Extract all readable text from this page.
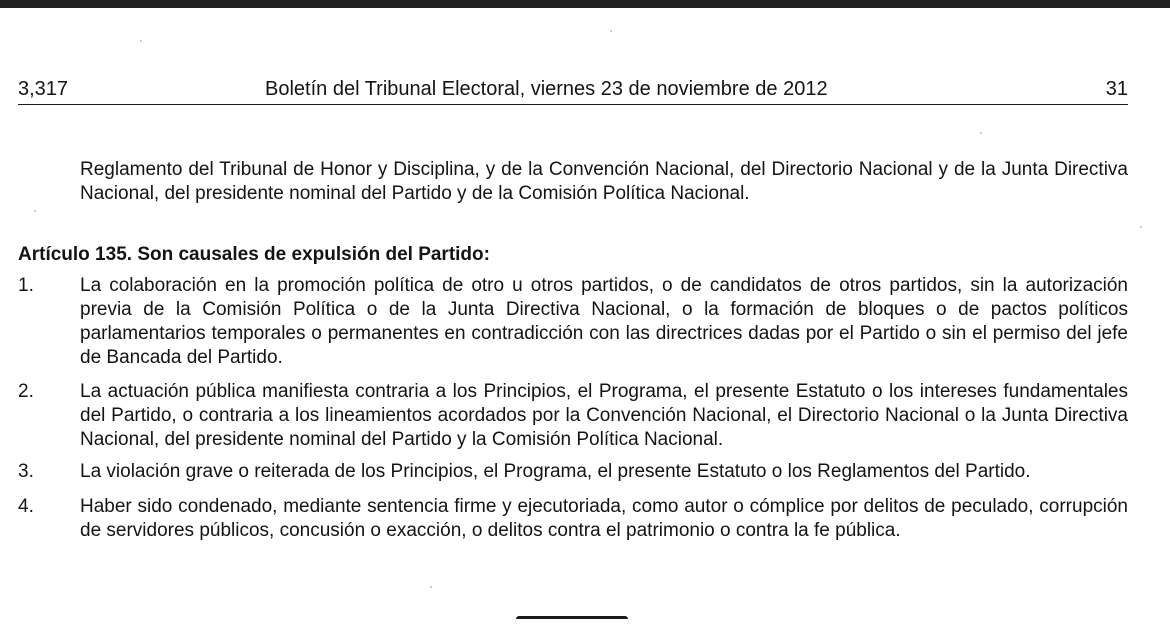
3,317	Boletín del Tribunal Electoral, viernes 23 de noviembre de 2012	31
Reglamento del Tribunal de Honor y Disciplina, y de la Convención Nacional, del Directorio Nacional y de la Junta Directiva Nacional, del presidente nominal del Partido y de la Comisión Política Nacional.
Artículo 135. Son causales de expulsión del Partido:
1. La colaboración en la promoción política de otro u otros partidos, o de candidatos de otros partidos, sin la autorización previa de la Comisión Política o de la Junta Directiva Nacional, o la formación de bloques o de pactos políticos parlamentarios temporales o permanentes en contradicción con las directrices dadas por el Partido o sin el permiso del jefe de Bancada del Partido.
2. La actuación pública manifiesta contraria a los Principios, el Programa, el presente Estatuto o los intereses fundamentales del Partido, o contraria a los lineamientos acordados por la Convención Nacional, el Directorio Nacional o la Junta Directiva Nacional, del presidente nominal del Partido y la Comisión Política Nacional.
3. La violación grave o reiterada de los Principios, el Programa, el presente Estatuto o los Reglamentos del Partido.
4. Haber sido condenado, mediante sentencia firme y ejecutoriada, como autor o cómplice por delitos de peculado, corrupción de servidores públicos, concusión o exacción, o delitos contra el patrimonio o contra la fe pública.
